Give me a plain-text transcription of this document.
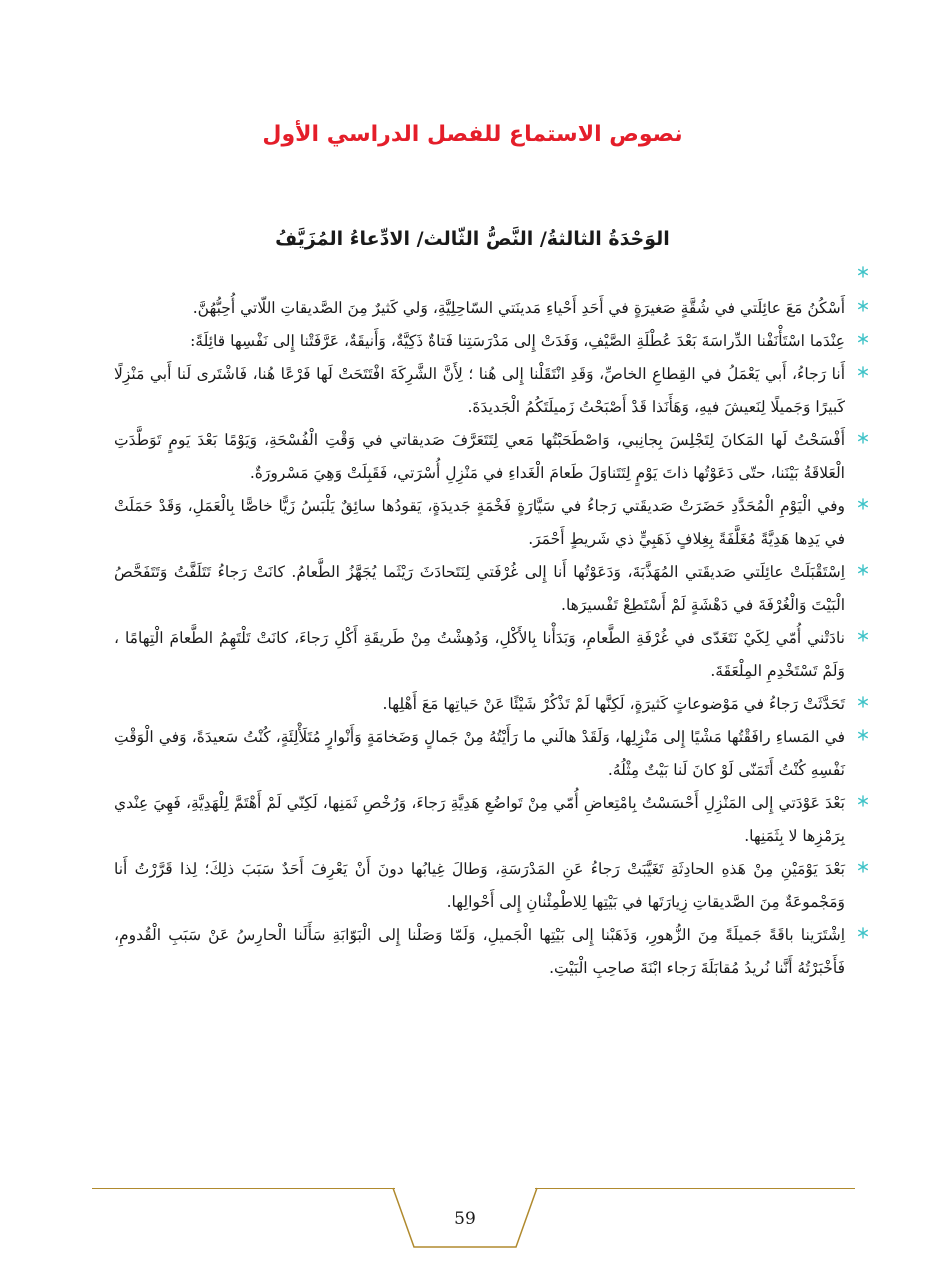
نصوص الاستماع للفصل الدراسي الأول
الوَحْدَةُ الثالثةُ/ النَّصُّ الثّالث/ الادِّعاءُ المُزَيَّفُ

أَسْكُنُ مَعَ عائِلَتي في شُقَّةٍ صَغيرَةٍ في أَحَدِ أَحْياءِ مَدينَتي السّاحِلِيَّةِ، وَلي كَثيرٌ مِنَ الصَّديقاتِ اللّاتي أُحِبُّهُنَّ.

عِنْدَما اسْتَأْنَفْنا الدِّراسَةَ بَعْدَ عُطْلَةِ الصَّيْفِ، وَفَدَتْ إِلى مَدْرَسَتِنا فَتاةٌ ذَكِيَّةٌ، وَأَنيقَةٌ، عَرَّفَتْنا إِلى نَفْسِها قائِلَةً:

أَنا رَجاءُ، أَبي يَعْمَلُ في القِطاعِ الخاصِّ، وَقَدِ انْتَقَلْنا إِلى هُنا ؛ لِأَنَّ الشَّرِكَةَ افْتَتَحَتْ لَها فَرْعًا هُنا، فَاشْتَرى لَنا أَبي مَنْزِلًا كَبيرًا وَجَميلًا لِنَعيشَ فيهِ، وَهَأَنَذا قَدْ أَصْبَحْتُ زَميلَتَكُمُ الْجَديدَةَ.

أَفْسَحْتُ لَها المَكانَ لِتَجْلِسَ بِجانِبي، وَاصْطَحَبْتُها مَعي لِتَتَعَرَّفَ صَديقاتي في وَقْتِ الْفُسْحَةِ، وَيَوْمًا بَعْدَ يَومٍ تَوَطَّدَتِ الْعَلاقَةُ بَيْنَنا، حتّى دَعَوْتُها ذاتَ يَوْمٍ لِتَتَناوَلَ طَعامَ الْغَداءِ في مَنْزِلِ أُسْرَتي، فَقَبِلَتْ وَهِيَ مَسْرورَةٌ.

وفي الْيَوْمِ الْمُحَدَّدِ حَضَرَتْ صَديقَتي رَجاءُ في سَيَّارَةٍ فَخْمَةٍ جَديدَةٍ، يَقودُها سائِقٌ يَلْبَسُ زَيًّا خاصًّا بِالْعَمَلِ، وَقَدْ حَمَلَتْ في يَدِها هَدِيَّةً مُغَلَّفَةً بِغِلافٍ ذَهَبِيٍّ ذي شَريطٍ أَحْمَرَ.

اِسْتَقْبَلَتْ عائِلَتي صَديقَتي المُهَذَّبَةَ، وَدَعَوْتُها أَنا إِلى غُرْفَتي لِنَتَحادَثَ رَيْثَما يُجَهَّزُ الطَّعامُ. كانَتْ رَجاءُ تَتَلَفَّتُ وَتَتَفَحَّصُ الْبَيْتَ وَالْغُرْفَةَ في دَهْشَةٍ لَمْ أَسْتَطِعْ تَفْسيرَها.

نادَتْني أُمّي لِكَيْ نَتَغَدّى في غُرْفَةِ الطَّعامِ، وَبَدَأْنا بِالأَكْلِ، وَدُهِشْتُ مِنْ طَريقَةِ أَكْلِ رَجاءَ، كانَتْ تَلْتَهِمُ الطَّعامَ الْتِهامًا ، وَلَمْ تَسْتَخْدِمِ المِلْعَقَةَ.

تَحَدَّثَتْ رَجاءُ في مَوْضوعاتٍ كَثيرَةٍ، لَكِنَّها لَمْ تَذْكُرْ شَيْئًا عَنْ حَياتِها مَعَ أَهْلِها.

في المَساءِ رافَقْتُها مَشْيًا إِلى مَنْزِلِها، وَلَقَدْ هالَني ما رَأَيْتُهُ مِنْ جَمالٍ وَضَخامَةٍ وَأَنْوارٍ مُتَلَأْلِئَةٍ، كُنْتُ سَعيدَةً، وَفي الْوَقْتِ نَفْسِهِ كُنْتُ أَتَمَنّى لَوْ كانَ لَنا بَيْتٌ مِثْلُهُ.

بَعْدَ عَوْدَتي إِلى المَنْزِلِ أَحْسَسْتُ بِامْتِعاضِ أُمّي مِنْ تَواضُعِ هَدِيَّةِ رَجاءَ، وَرُخْصِ ثَمَنِها، لَكِنّي لَمْ أَهْتَمَّ لِلْهَدِيَّةِ، فَهِيَ عِنْدي بِرَمْزِها لا بِثَمَنِها.

بَعْدَ يَوْمَيْنِ مِنْ هَذهِ الحادِثَةِ تَغَيَّبَتْ رَجاءُ عَنِ المَدْرَسَةِ، وَطالَ غِيابُها دونَ أَنْ يَعْرِفَ أَحَدٌ سَبَبَ ذلِكَ؛ لِذا قَرَّرْتُ أَنا وَمَجْموعَةٌ مِنَ الصَّديقاتِ زِيارَتَها في بَيْتِها لِلاطْمِئْنانِ إِلى أَحْوالِها.

اِشْتَرَينا باقَةً جَميلَةً مِنَ الزُّهورِ، وَذَهَبْنا إِلى بَيْتِها الْجَميلِ، وَلَمّا وَصَلْنا إِلى الْبَوّابَةِ سَأَلَنا الْحارِسُ عَنْ سَبَبِ الْقُدومِ، فَأَخْبَرْتُهُ أَنَّنا نُريدُ مُقابَلَةَ رَجاء ابْنَةَ صاحِبِ الْبَيْتِ.

59
